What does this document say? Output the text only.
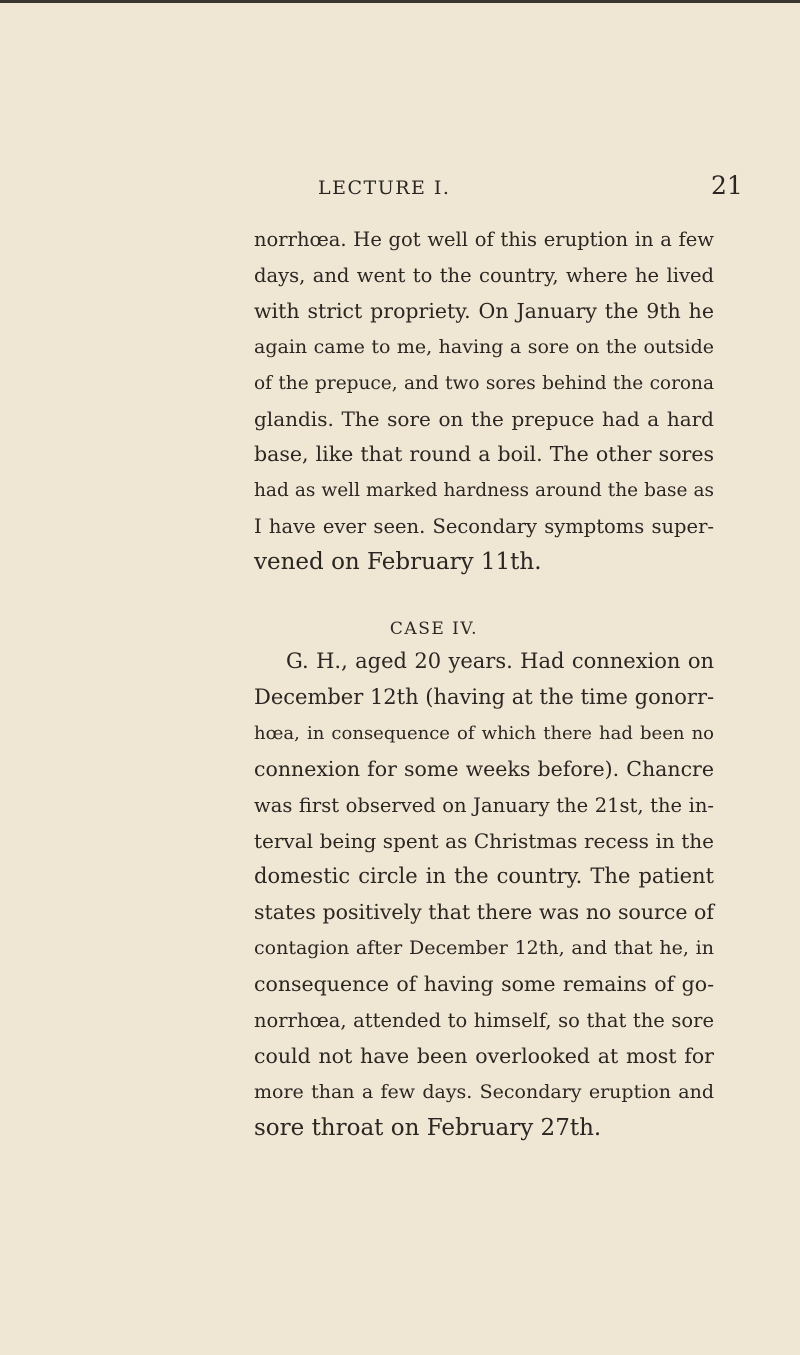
LECTURE I.	21
norrhœa. He got well of this eruption in a few
days, and went to the country, where he lived
with strict propriety. On January the 9th he
again came to me, having a sore on the outside
of the prepuce, and two sores behind the corona
glandis. The sore on the prepuce had a hard
base, like that round a boil. The other sores
had as well marked hardness around the base as
I have ever seen. Secondary symptoms super-
vened on February 11th.
CASE IV.
G. H., aged 20 years. Had connexion on
December 12th (having at the time gonorr-
hœa, in consequence of which there had been no
connexion for some weeks before). Chancre
was first observed on January the 21st, the in-
terval being spent as Christmas recess in the
domestic circle in the country. The patient
states positively that there was no source of
contagion after December 12th, and that he, in
consequence of having some remains of go-
norrhœa, attended to himself, so that the sore
could not have been overlooked at most for
more than a few days. Secondary eruption and
sore throat on February 27th.
